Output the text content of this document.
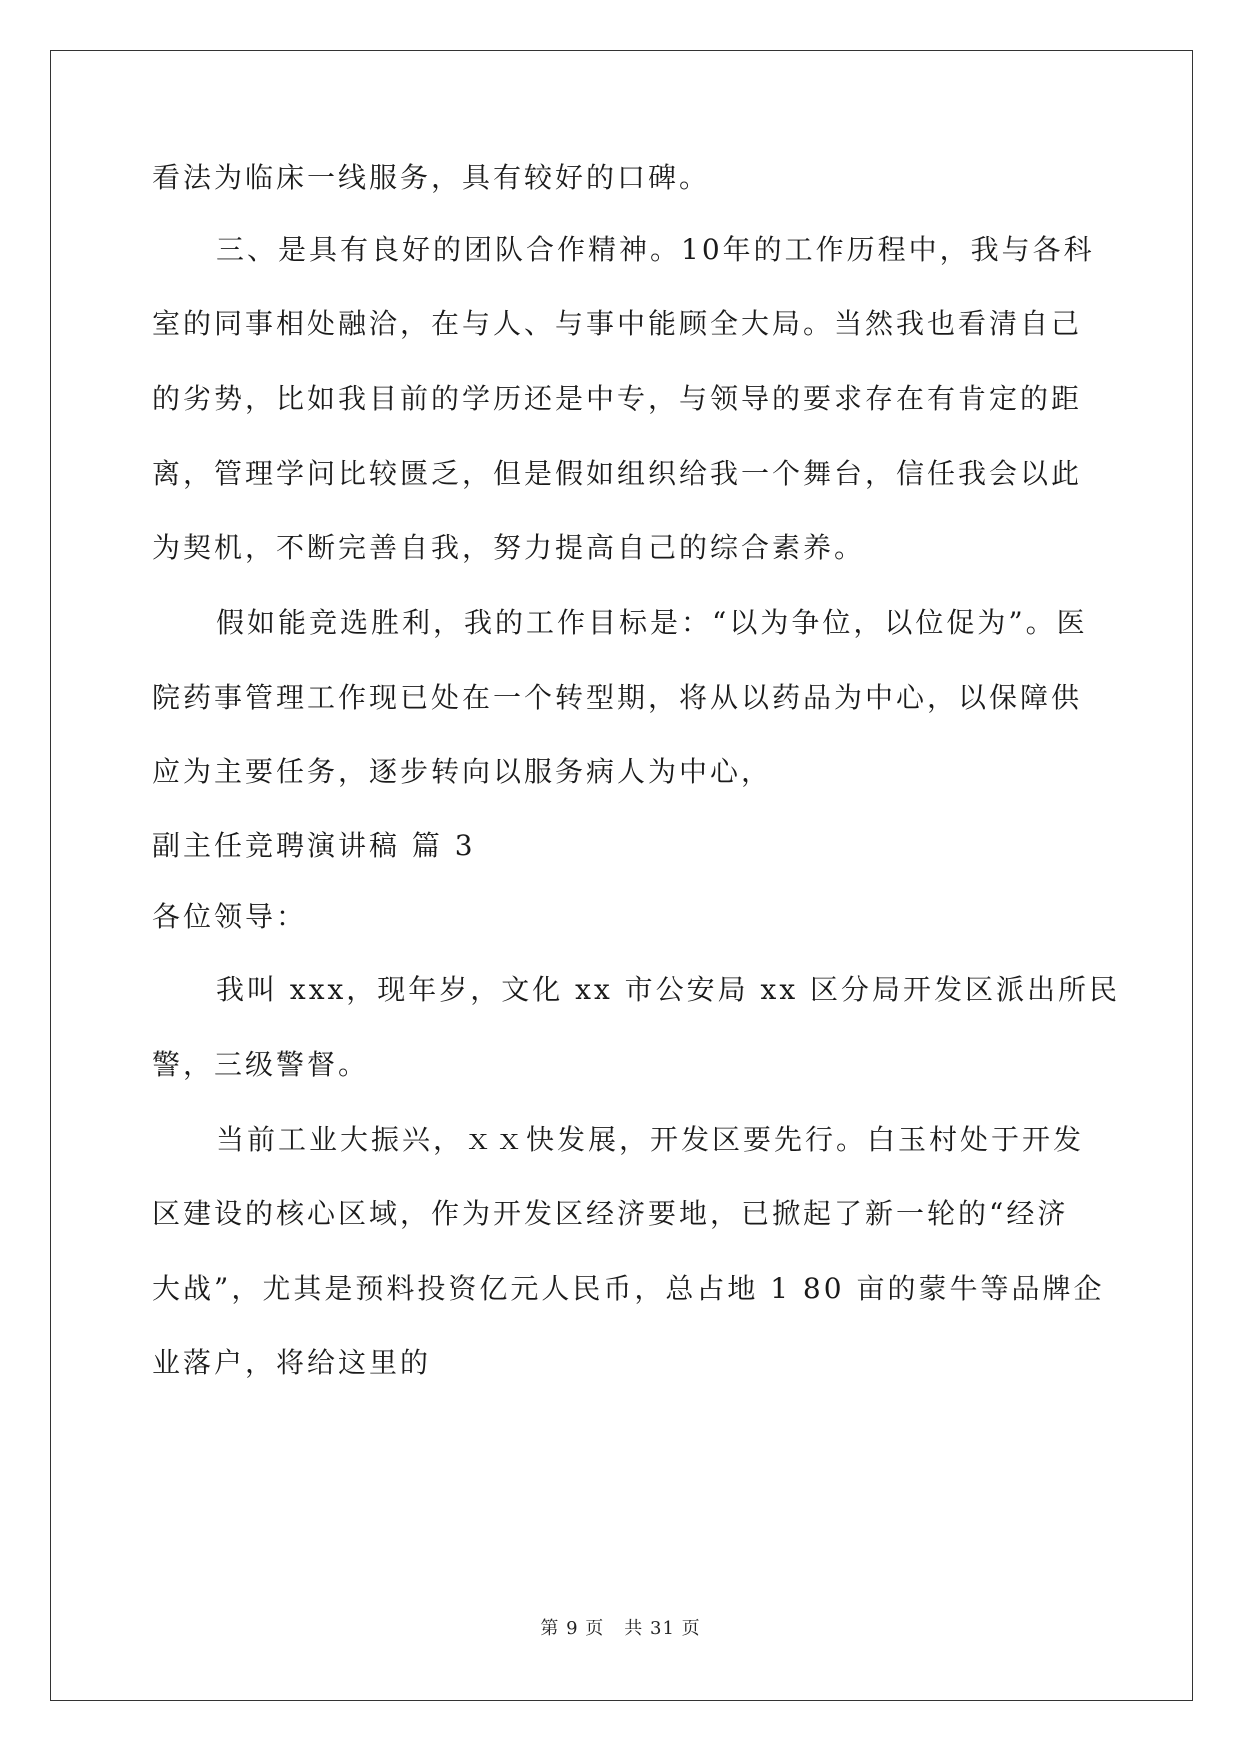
看法为临床一线服务，具有较好的口碑。
三、是具有良好的团队合作精神。10年的工作历程中，我与各科
室的同事相处融洽，在与人、与事中能顾全大局。当然我也看清自己
的劣势，比如我目前的学历还是中专，与领导的要求存在有肯定的距
离，管理学问比较匮乏，但是假如组织给我一个舞台，信任我会以此
为契机，不断完善自我，努力提高自己的综合素养。
假如能竞选胜利，我的工作目标是：“以为争位，以位促为”。医
院药事管理工作现已处在一个转型期，将从以药品为中心，以保障供
应为主要任务，逐步转向以服务病人为中心，
副主任竞聘演讲稿 篇 3
各位领导：
我叫 xxx，现年岁，文化 xx 市公安局 xx 区分局开发区派出所民
警，三级警督。
当前工业大振兴，ｘｘ快发展，开发区要先行。白玉村处于开发
区建设的核心区域，作为开发区经济要地，已掀起了新一轮的“经济
大战”，尤其是预料投资亿元人民币，总占地 1 80 亩的蒙牛等品牌企
业落户，将给这里的
第 9 页 共 31 页
